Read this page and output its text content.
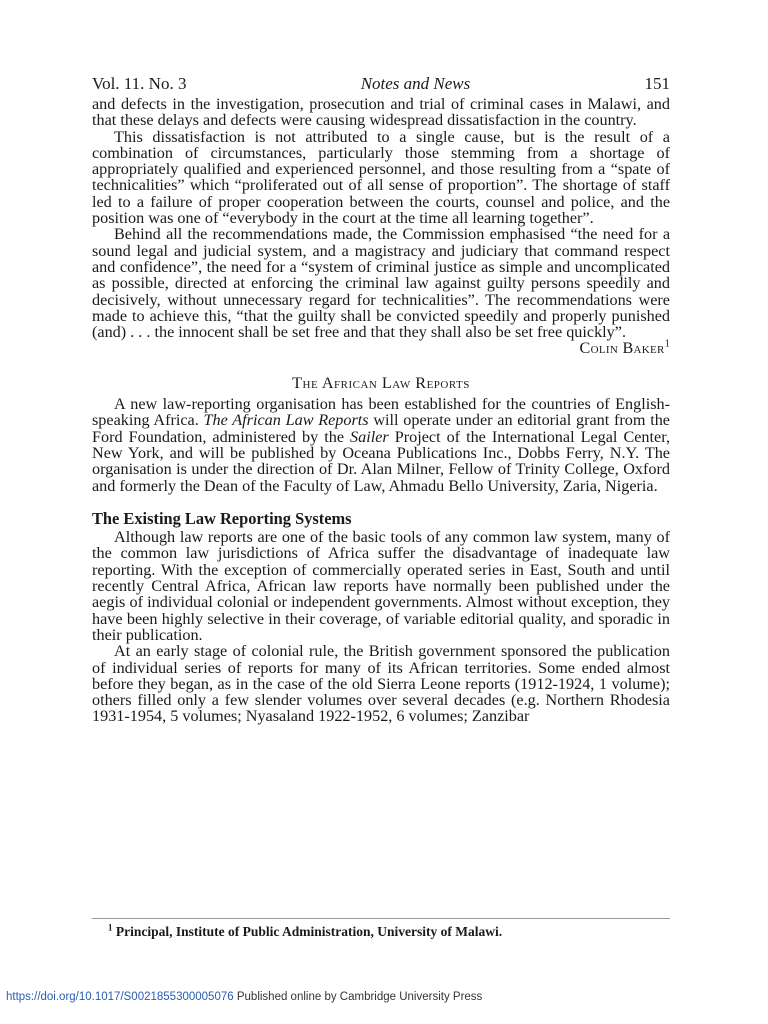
Vol. 11. No. 3	Notes and News	151

and defects in the investigation, prosecution and trial of criminal cases in Malawi, and that these delays and defects were causing widespread dissatisfaction in the country.

This dissatisfaction is not attributed to a single cause, but is the result of a combination of circumstances, particularly those stemming from a shortage of appropriately qualified and experienced personnel, and those resulting from a “spate of technicalities” which “proliferated out of all sense of proportion”. The shortage of staff led to a failure of proper cooperation between the courts, counsel and police, and the position was one of “everybody in the court at the time all learning together”.

Behind all the recommendations made, the Commission emphasised “the need for a sound legal and judicial system, and a magistracy and judiciary that command respect and confidence”, the need for a “system of criminal justice as simple and uncomplicated as possible, directed at enforcing the criminal law against guilty persons speedily and decisively, without unnecessary regard for technicalities”. The recommendations were made to achieve this, “that the guilty shall be convicted speedily and properly punished (and) . . . the innocent shall be set free and that they shall also be set free quickly”.

Colin Baker$^1$
The African Law Reports

A new law-reporting organisation has been established for the countries of English-speaking Africa. The African Law Reports will operate under an editorial grant from the Ford Foundation, administered by the Sailer Project of the International Legal Center, New York, and will be published by Oceana Publications Inc., Dobbs Ferry, N.Y. The organisation is under the direction of Dr. Alan Milner, Fellow of Trinity College, Oxford and formerly the Dean of the Faculty of Law, Ahmadu Bello University, Zaria, Nigeria.

The Existing Law Reporting Systems

Although law reports are one of the basic tools of any common law system, many of the common law jurisdictions of Africa suffer the disadvantage of inadequate law reporting. With the exception of commercially operated series in East, South and until recently Central Africa, African law reports have normally been published under the aegis of individual colonial or independent governments. Almost without exception, they have been highly selective in their coverage, of variable editorial quality, and sporadic in their publication.

At an early stage of colonial rule, the British government sponsored the publication of individual series of reports for many of its African territories. Some ended almost before they began, as in the case of the old Sierra Leone reports (1912-1924, 1 volume); others filled only a few slender volumes over several decades (e.g. Northern Rhodesia 1931-1954, 5 volumes; Nyasaland 1922-1952, 6 volumes; Zanzibar

$^1$ Principal, Institute of Public Administration, University of Malawi.
https://doi.org/10.1017/S0021855300005076 Published online by Cambridge University Press
